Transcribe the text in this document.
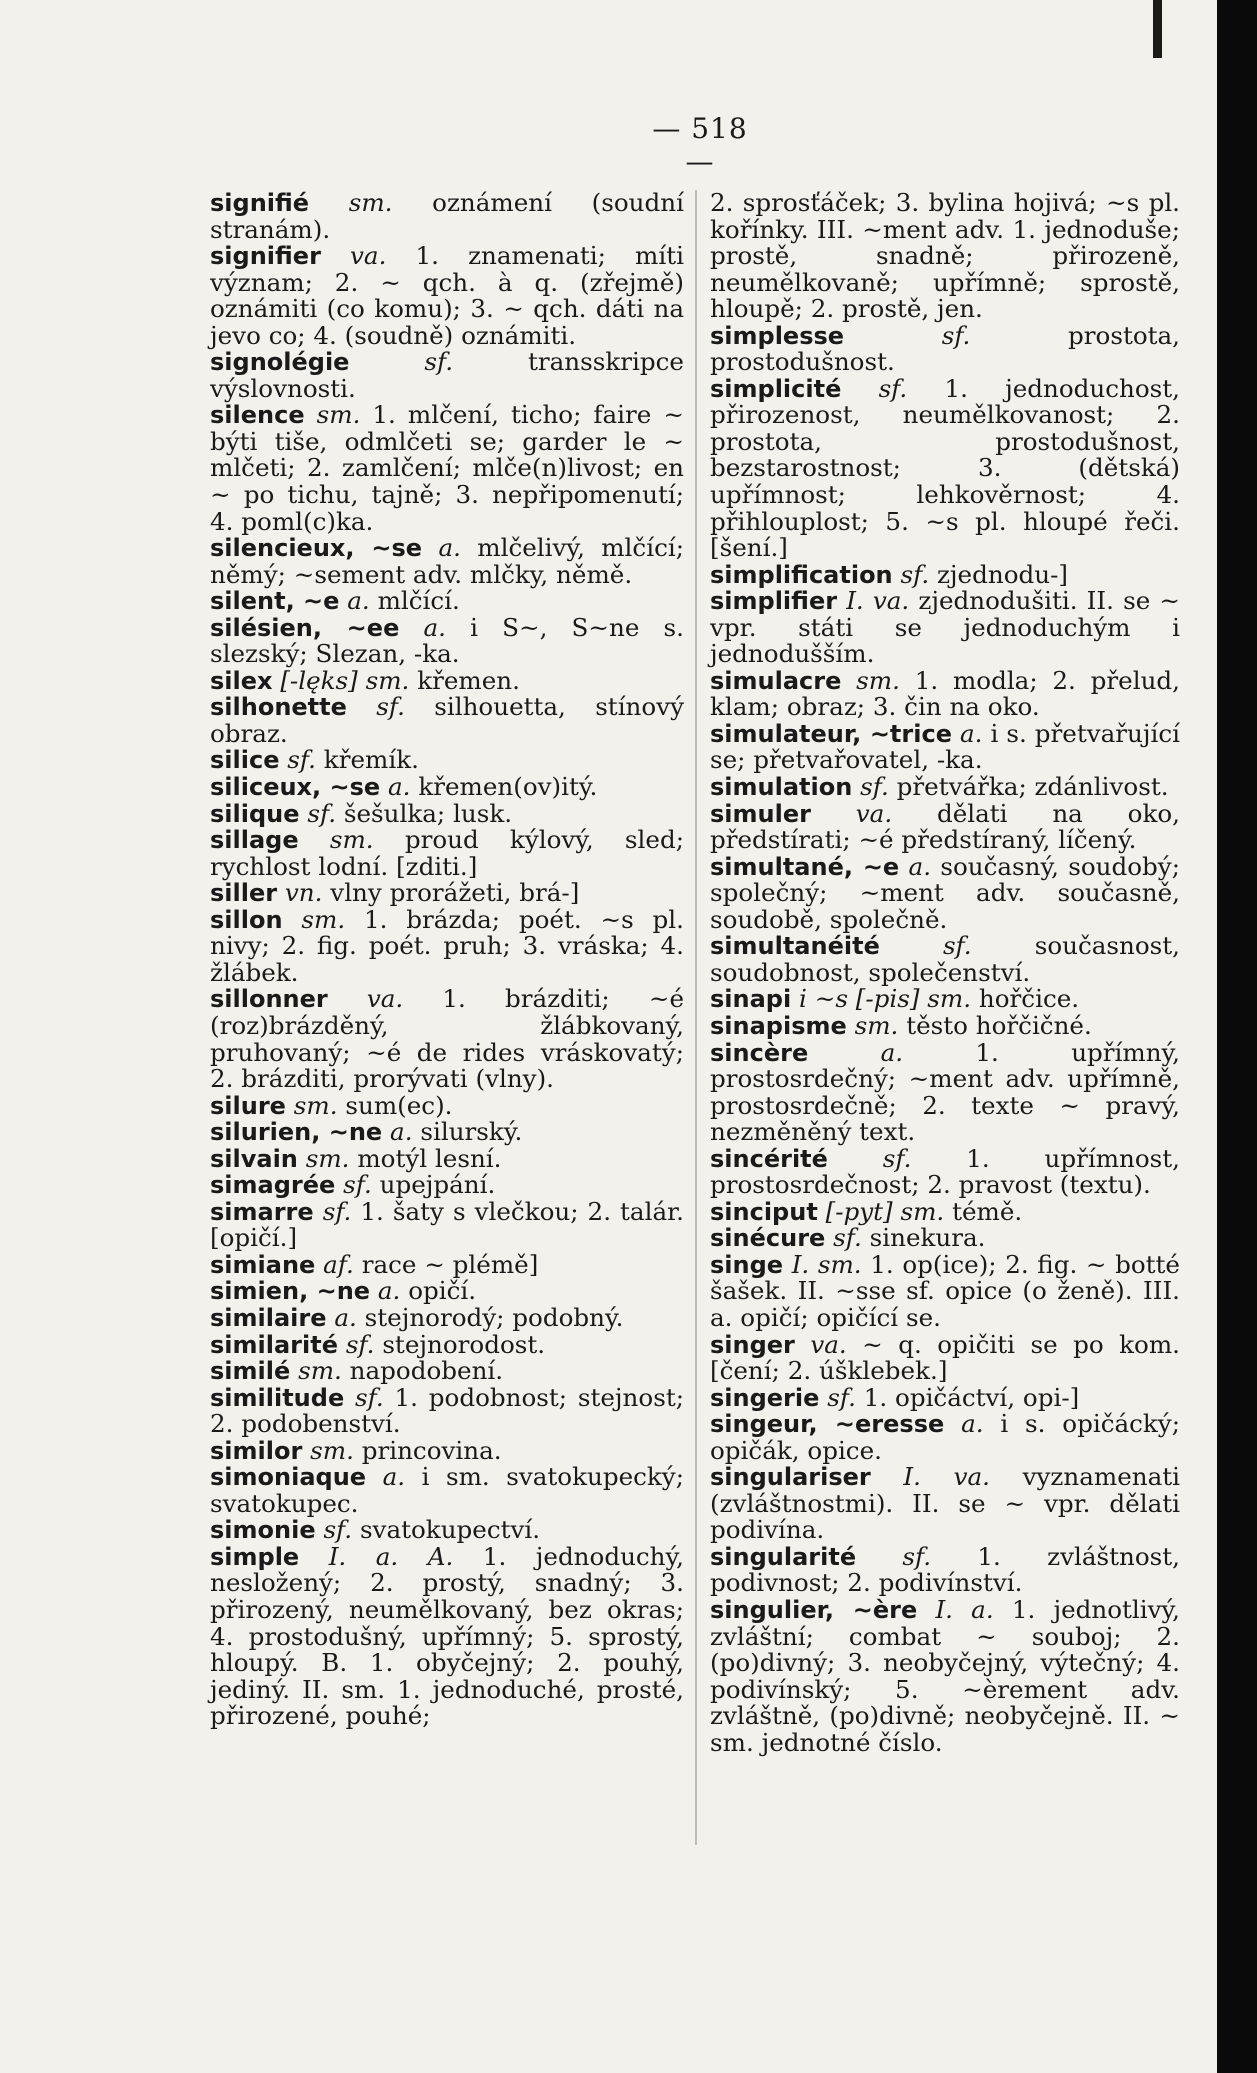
— 518 —

signifié sm. oznámení (soudní stranám).

signifier va. 1. znamenati; míti význam; 2. ~ qch. à q. (zřejmě) oznámiti (co komu); 3. ~ qch. dáti na jevo co; 4. (soudně) oznámiti.

signolégie	sf.	transskripce výslovnosti.

silence sm. 1. mlčení, ticho; faire ~ býti tiše, odmlčeti se; garder le ~ mlčeti; 2. zamlčení; mlče(n)livost; en ~ po tichu, tajně; 3. nepřipomenutí; 4. poml(c)ka.

silencieux, ~se a. mlčelivý, mlčící; němý; ~sement adv. mlčky, němě.

silent, ~e a. mlčící.

silésien, ~ee a. i S~, S~ne s. slezský; Slezan, -ka.

silex [-lęks] sm. křemen.

silhonette sf. silhouetta, stínový obraz.

silice sf. křemík.

siliceux, ~se a. křemen(ov)itý.

silique sf. šešulka; lusk.

sillage sm. proud kýlový, sled; rychlost lodní. [zditi.]

siller vn. vlny prorážeti, brá-]

sillon sm. 1. brázda; poét. ~s pl. nivy; 2. fig. poét. pruh; 3. vráska; 4. žlábek.

sillonner va. 1. brázditi; ~é (roz)brázděný, žlábkovaný, pruhovaný; ~é de rides vráskovatý; 2. brázditi, prorývati (vlny).

silure sm. sum(ec).

silurien, ~ne a. silurský.

silvain sm. motýl lesní.

simagrée sf. upejpání.

simarre sf. 1. šaty s vlečkou; 2. talár. [opičí.]

simiane af. race ~ plémě]

simien, ~ne a. opičí.

similaire a. stejnorodý; podobný.

similarité sf. stejnorodost.

similé sm. napodobení.

similitude sf. 1. podobnost; stejnost; 2. podobenství.

similor sm. princovina.

simoniaque a. i sm. svatokupecký; svatokupec.

simonie sf. svatokupectví.

simple I. a. A. 1. jednoduchý, nesložený; 2. prostý, snadný; 3. přirozený, neumělkovaný, bez okras; 4. prostodušný, upřímný; 5. sprostý, hloupý. B. 1. obyčejný; 2. pouhý, jediný. II. sm. 1. jednoduché, prosté, přirozené, pouhé;

2. sprosťáček; 3. bylina hojivá; ~s pl. kořínky. III. ~ment adv. 1. jednoduše; prostě, snadně; přirozeně, neumělkovaně; upřímně; sprostě, hloupě; 2. prostě, jen.

simplesse	sf.	prostota, prostodušnost.

simplicité sf. 1. jednoduchost, přirozenost, neumělkovanost; 2. prostota, prostodušnost, bezstarostnost; 3. (dětská) upřímnost; lehkověrnost; 4. přihlouplost; 5. ~s pl. hloupé řeči. [šení.]

simplification sf. zjednodu-]

simplifier I. va. zjednodušiti. II. se ~ vpr. státi se jednoduchým i jednodušším.

simulacre sm. 1. modla; 2. přelud, klam; obraz; 3. čin na oko.

simulateur, ~trice a. i s. přetvařující se; přetvařovatel, -ka.

simulation sf. přetvářka; zdánlivost.

simuler va. dělati na oko, předstírati; ~é předstíraný, líčený.

simultané, ~e a. současný, soudobý; společný; ~ment adv. současně, soudobě, společně.

simultanéité	sf.	současnost, soudobnost, společenství.

sinapi i ~s [-pis] sm. hořčice.

sinapisme sm. těsto hořčičné.

sincère	a.	1. upřímný, prostosrdečný; ~ment adv. upřímně, prostosrdečně; 2. texte ~ pravý, nezměněný text.

sincérité sf. 1. upřímnost, prostosrdečnost; 2. pravost (textu).

sinciput [-pyt] sm. témě.

sinécure sf. sinekura.

singe I. sm. 1. op(ice); 2. fig. ~ botté šašek. II. ~sse sf. opice (o ženě). III. a. opičí; opičící se.

singer va. ~ q. opičiti se po kom. [čení; 2. úšklebek.]

singerie sf. 1. opičáctví, opi-]

singeur, ~eresse a. i s. opičácký; opičák, opice.

singulariser I. va. vyznamenati (zvláštnostmi). II. se ~ vpr. dělati podivína.

singularité sf. 1. zvláštnost, podivnost; 2. podivínství.

singulier, ~ère I. a. 1. jednotlivý, zvláštní; combat ~ souboj; 2. (po)divný; 3. neobyčejný, výtečný; 4. podivínský; 5. ~èrement adv. zvláštně, (po)divně; neobyčejně. II. ~ sm. jednotné číslo.
